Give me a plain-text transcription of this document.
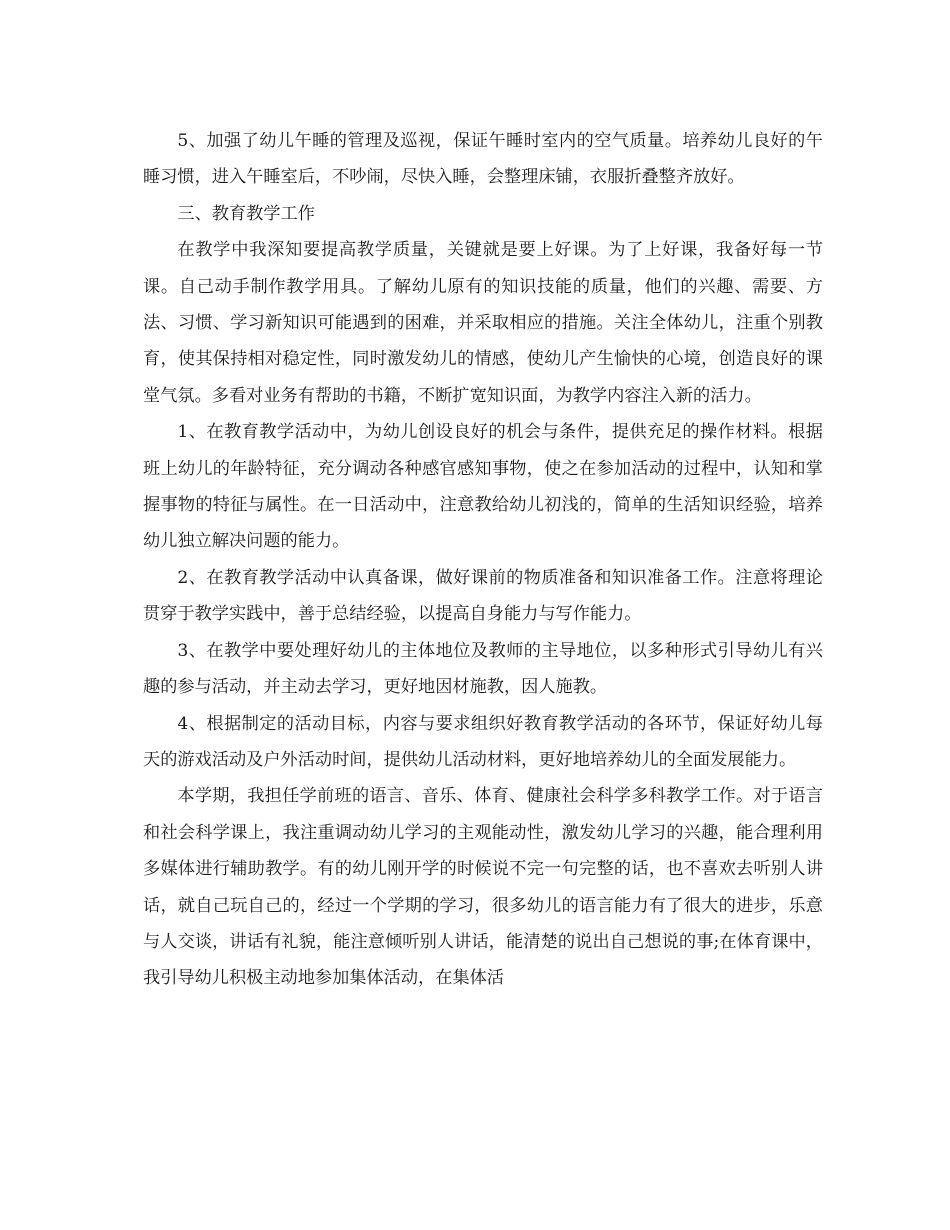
5、加强了幼儿午睡的管理及巡视，保证午睡时室内的空气质量。培养幼儿良好的午睡习惯，进入午睡室后，不吵闹，尽快入睡，会整理床铺，衣服折叠整齐放好。

三、教育教学工作

在教学中我深知要提高教学质量，关键就是要上好课。为了上好课，我备好每一节课。自己动手制作教学用具。了解幼儿原有的知识技能的质量，他们的兴趣、需要、方法、习惯、学习新知识可能遇到的困难，并采取相应的措施。关注全体幼儿，注重个别教育，使其保持相对稳定性，同时激发幼儿的情感，使幼儿产生愉快的心境，创造良好的课堂气氛。多看对业务有帮助的书籍，不断扩宽知识面，为教学内容注入新的活力。

1、在教育教学活动中，为幼儿创设良好的机会与条件，提供充足的操作材料。根据班上幼儿的年龄特征，充分调动各种感官感知事物，使之在参加活动的过程中，认知和掌握事物的特征与属性。在一日活动中，注意教给幼儿初浅的，简单的生活知识经验，培养幼儿独立解决问题的能力。

2、在教育教学活动中认真备课，做好课前的物质准备和知识准备工作。注意将理论贯穿于教学实践中，善于总结经验，以提高自身能力与写作能力。

3、在教学中要处理好幼儿的主体地位及教师的主导地位，以多种形式引导幼儿有兴趣的参与活动，并主动去学习，更好地因材施教，因人施教。

4、根据制定的活动目标，内容与要求组织好教育教学活动的各环节，保证好幼儿每天的游戏活动及户外活动时间，提供幼儿活动材料，更好地培养幼儿的全面发展能力。

本学期，我担任学前班的语言、音乐、体育、健康社会科学多科教学工作。对于语言和社会科学课上，我注重调动幼儿学习的主观能动性，激发幼儿学习的兴趣，能合理利用多媒体进行辅助教学。有的幼儿刚开学的时候说不完一句完整的话，也不喜欢去听别人讲话，就自己玩自己的，经过一个学期的学习，很多幼儿的语言能力有了很大的进步，乐意与人交谈，讲话有礼貌，能注意倾听别人讲话，能清楚的说出自己想说的事;在体育课中，我引导幼儿积极主动地参加集体活动，在集体活
